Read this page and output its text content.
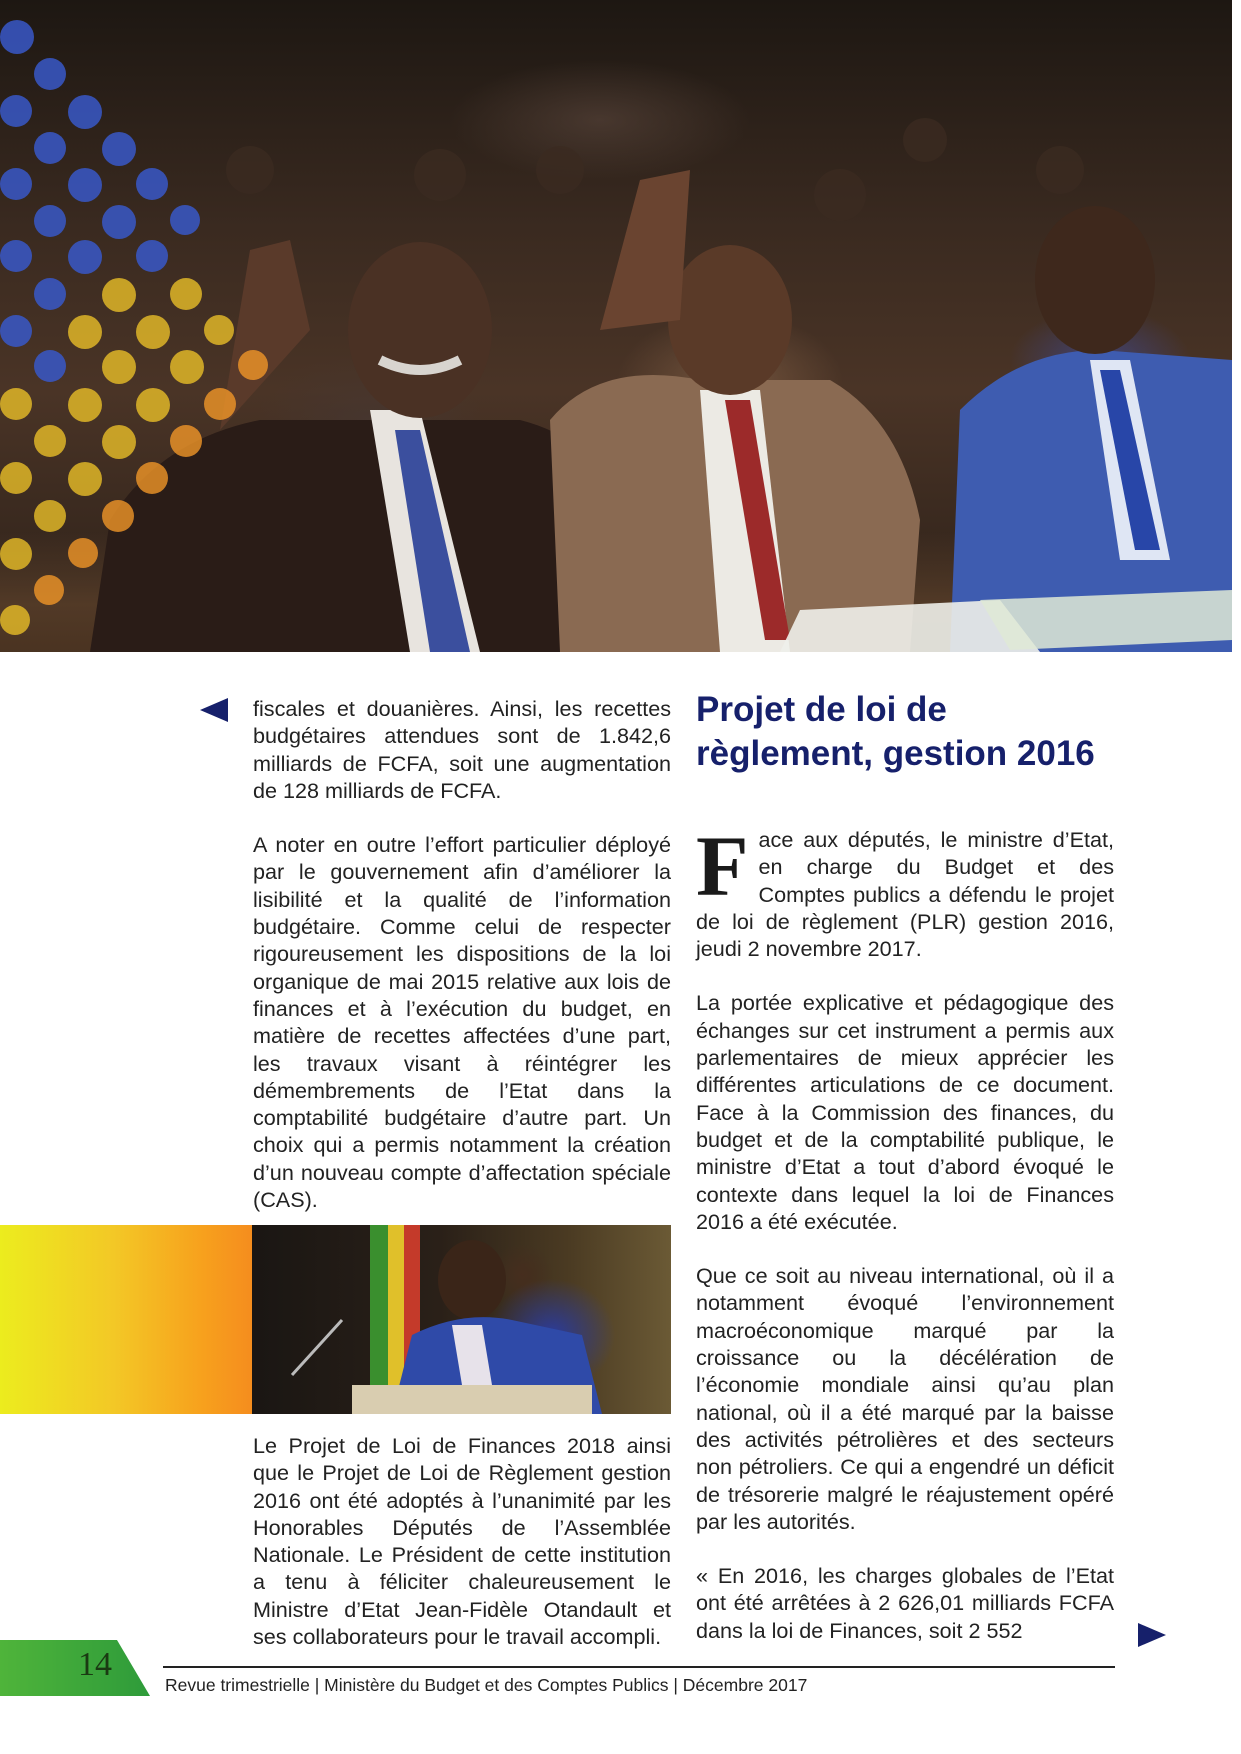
fiscales et douanières. Ainsi, les recettes budgétaires attendues sont de 1.842,6 milliards de FCFA, soit une augmentation de 128 milliards de FCFA.

A noter en outre l’effort particulier déployé par le gouvernement afin d’améliorer la lisibilité et la qualité de l’information budgétaire. Comme celui de respecter rigoureusement les dispositions de la loi organique de mai 2015 relative aux lois de finances et à l’exécution du budget, en matière de recettes affectées d’une part, les travaux visant à réintégrer les démembrements de l’Etat dans la comptabilité budgétaire d’autre part. Un choix qui a permis notamment la création d’un nouveau compte d’affectation spéciale (CAS).

Le Projet de Loi de Finances 2018 ainsi que le Projet de Loi de Règlement gestion 2016 ont été adoptés à l’unanimité par les Honorables Députés de l’Assemblée Nationale. Le Président de cette institution a tenu à féliciter chaleureusement le Ministre d’Etat Jean-Fidèle Otandault et ses collaborateurs pour le travail accompli.

Projet de loi de
règlement, gestion 2016

Face aux députés, le ministre d’Etat, en charge du Budget et des Comptes publics a défendu le projet de loi de règlement (PLR) gestion 2016, jeudi 2 novembre 2017.

La portée explicative et pédagogique des échanges sur cet instrument a permis aux parlementaires de mieux apprécier les différentes articulations de ce document. Face à la Commission des finances, du budget et de la comptabilité publique, le ministre d’Etat a tout d’abord évoqué le contexte dans lequel la loi de Finances 2016 a été exécutée.

Que ce soit au niveau international, où il a notamment évoqué l’environnement macroéconomique marqué par la croissance ou la décélération de l’économie mondiale ainsi qu’au plan national, où il a été marqué par la baisse des activités pétrolières et des secteurs non pétroliers. Ce qui a engendré un déficit de trésorerie malgré le réajustement opéré par les autorités.

« En 2016, les charges globales de l’Etat ont été arrêtées à 2 626,01 milliards FCFA dans la loi de Finances, soit 2 552

14
Revue trimestrielle | Ministère du Budget et des Comptes Publics | Décembre 2017
